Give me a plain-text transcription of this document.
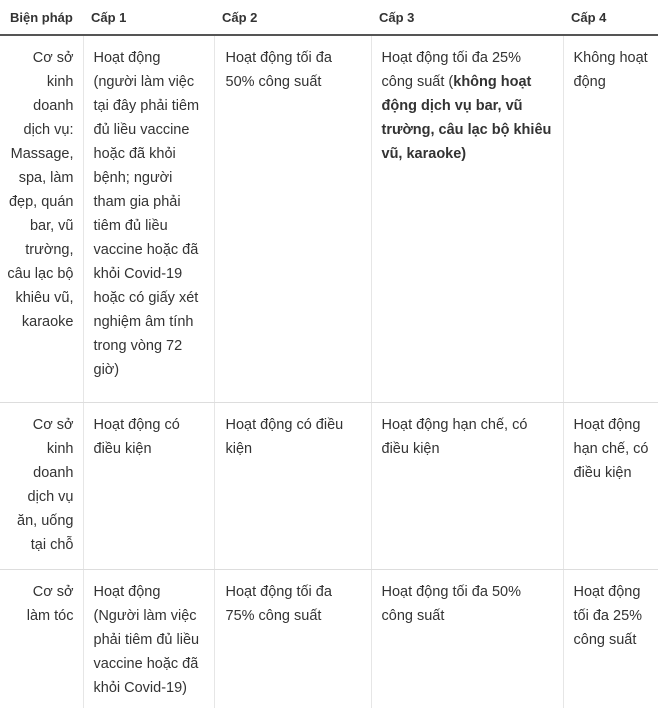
Biện pháp	Cấp 1	Cấp 2	Cấp 3	Cấp 4
Cơ sở kinh doanh dịch vụ: Massage, spa, làm đẹp, quán bar, vũ trường, câu lạc bộ khiêu vũ, karaoke	Hoạt động (người làm việc tại đây phải tiêm đủ liều vaccine hoặc đã khỏi bệnh; người tham gia phải tiêm đủ liều vaccine hoặc đã khỏi Covid-19 hoặc có giấy xét nghiệm âm tính trong vòng 72 giờ)	Hoạt động tối đa 50% công suất	Hoạt động tối đa 25% công suất (không hoạt động dịch vụ bar, vũ trường, câu lạc bộ khiêu vũ, karaoke)	Không hoạt động
Cơ sở kinh doanh dịch vụ ăn, uống tại chỗ	Hoạt động có điều kiện	Hoạt động có điều kiện	Hoạt động hạn chế, có điều kiện	Hoạt động hạn chế, có điều kiện
Cơ sở làm tóc	Hoạt động (Người làm việc phải tiêm đủ liều vaccine hoặc đã khỏi Covid-19)	Hoạt động tối đa 75% công suất	Hoạt động tối đa 50% công suất	Hoạt động tối đa 25% công suất
